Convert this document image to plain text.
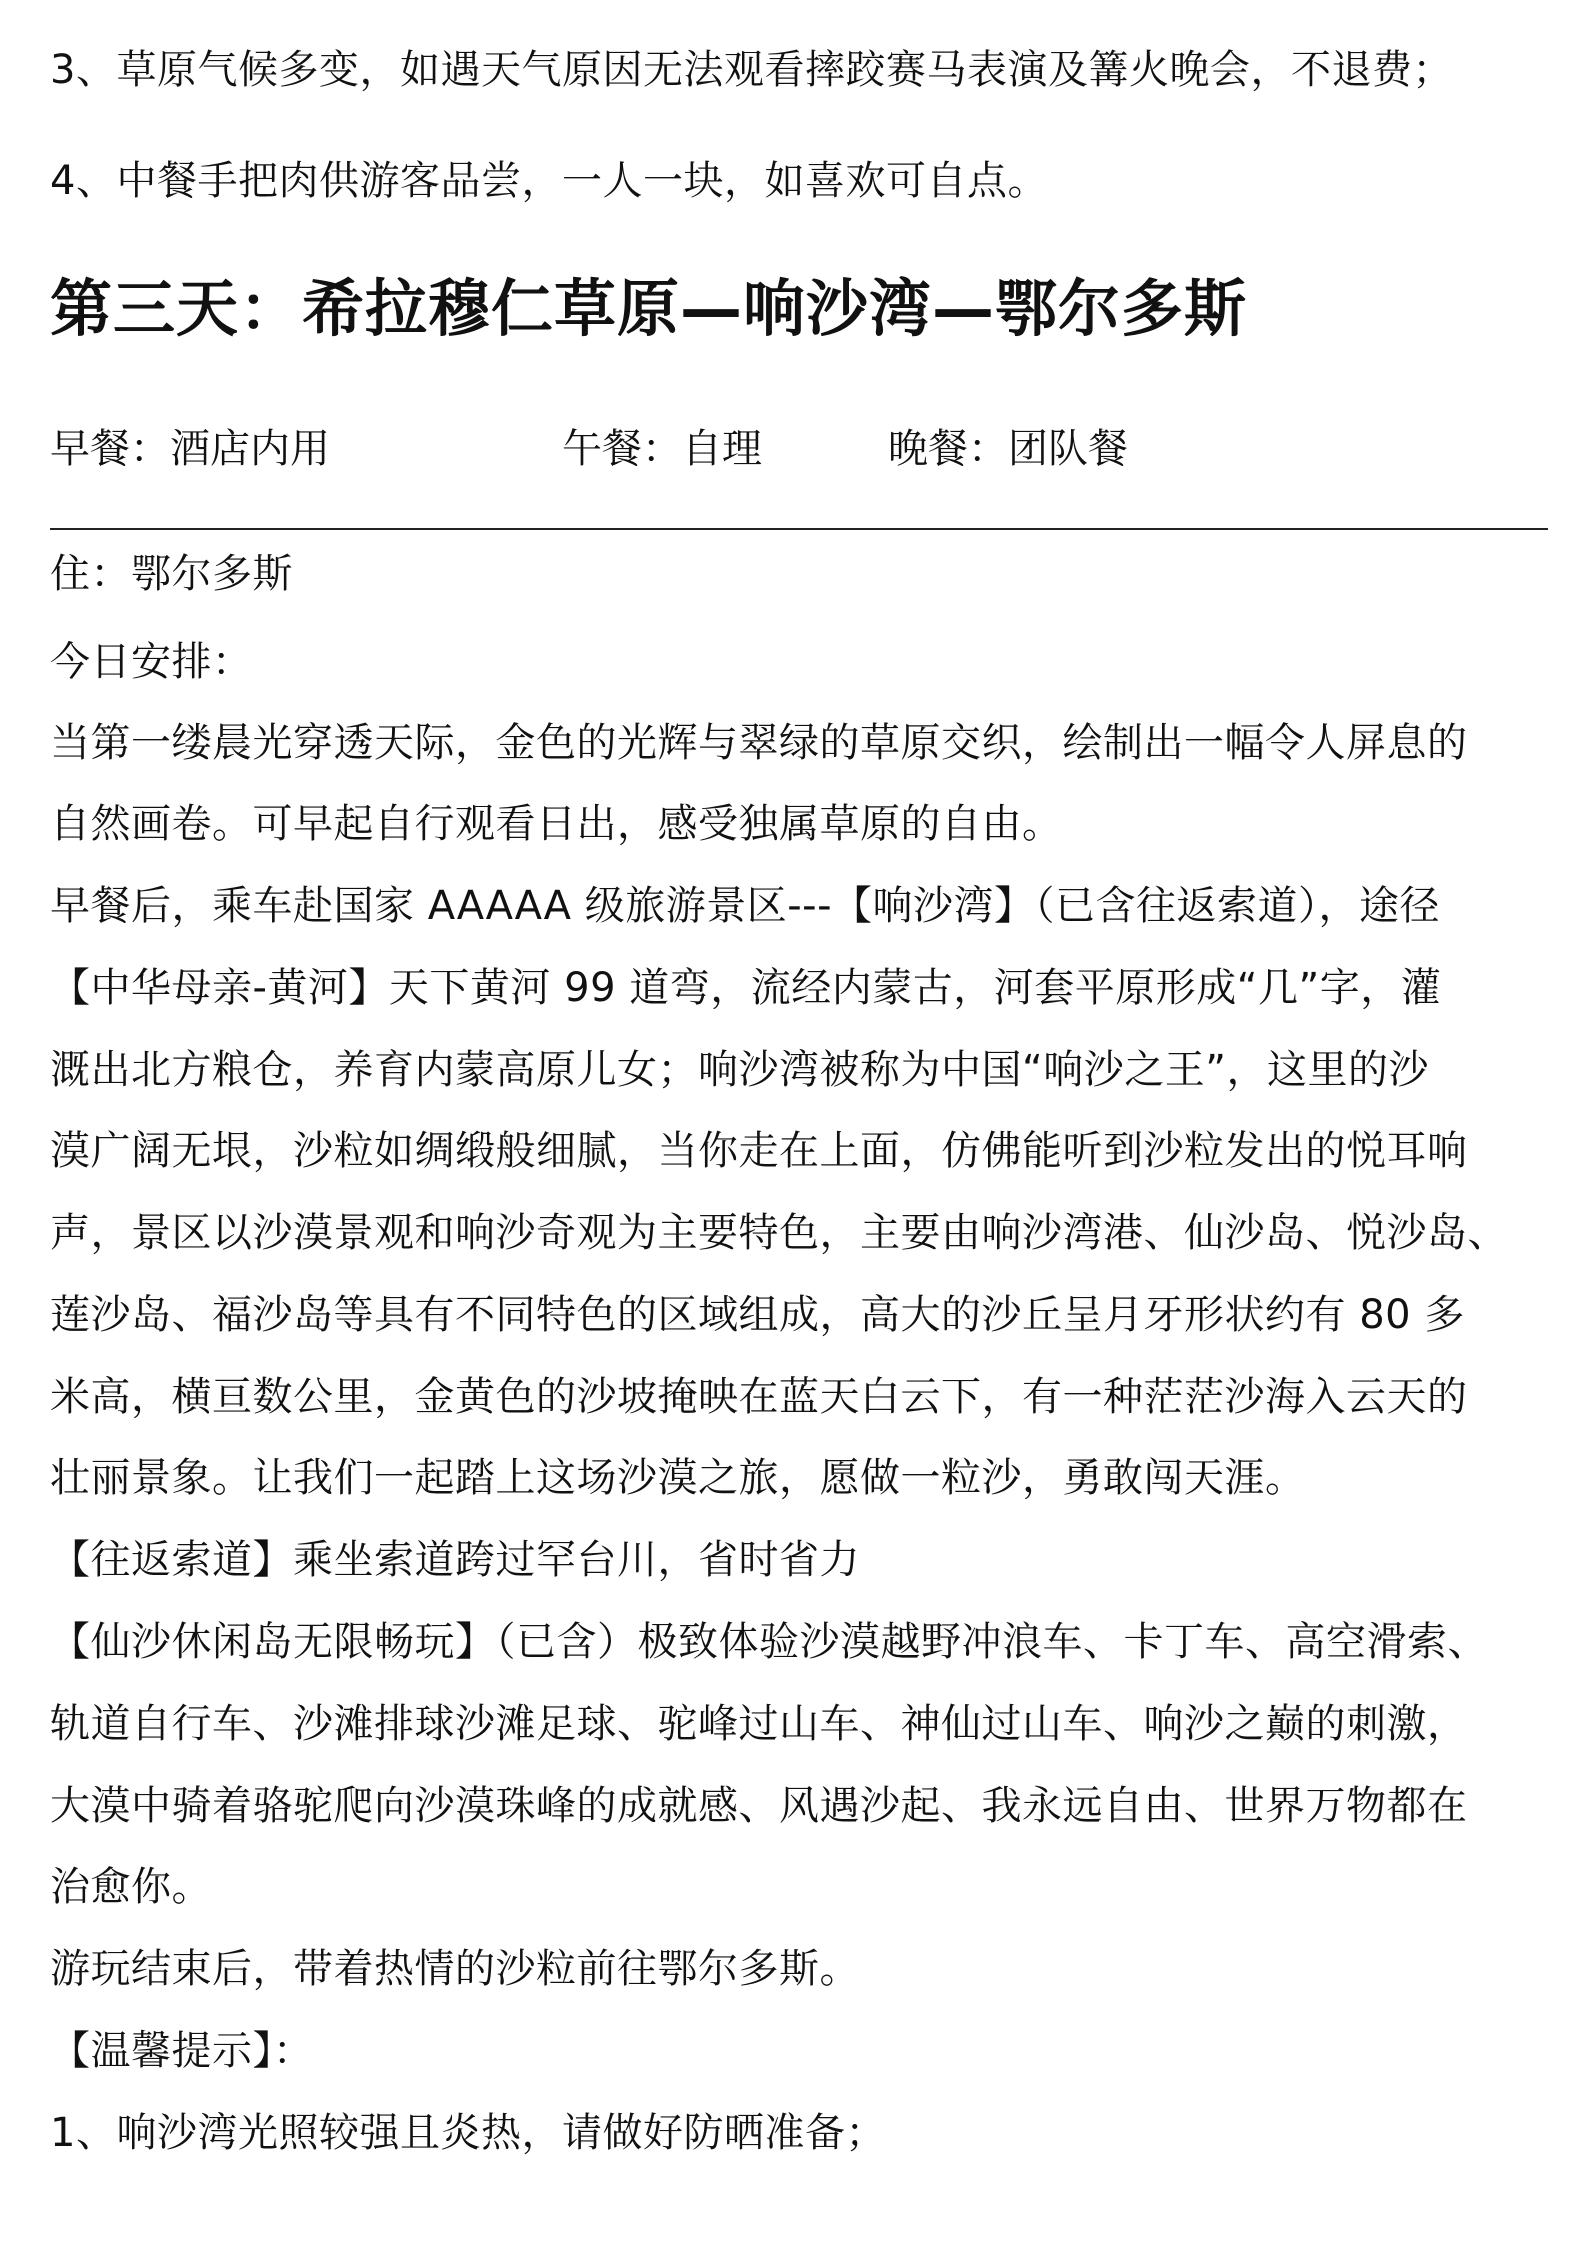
3、草原气候多变，如遇天气原因无法观看摔跤赛马表演及篝火晚会，不退费；
4、中餐手把肉供游客品尝，一人一块，如喜欢可自点。
第三天：希拉穆仁草原—响沙湾—鄂尔多斯
早餐：酒店内用	午餐：自理	晚餐：团队餐
住：鄂尔多斯
今日安排：
当第一缕晨光穿透天际，金色的光辉与翠绿的草原交织，绘制出一幅令人屏息的
自然画卷。可早起自行观看日出，感受独属草原的自由。
早餐后，乘车赴国家 AAAAA 级旅游景区---【响沙湾】（已含往返索道），途径
【中华母亲-黄河】天下黄河 99 道弯，流经内蒙古，河套平原形成“几”字，灌
溉出北方粮仓，养育内蒙高原儿女；响沙湾被称为中国“响沙之王”，这里的沙
漠广阔无垠，沙粒如绸缎般细腻，当你走在上面，仿佛能听到沙粒发出的悦耳响
声，景区以沙漠景观和响沙奇观为主要特色，主要由响沙湾港、仙沙岛、悦沙岛、
莲沙岛、福沙岛等具有不同特色的区域组成，高大的沙丘呈月牙形状约有 80 多
米高，横亘数公里，金黄色的沙坡掩映在蓝天白云下，有一种茫茫沙海入云天的
壮丽景象。让我们一起踏上这场沙漠之旅，愿做一粒沙，勇敢闯天涯。
【往返索道】乘坐索道跨过罕台川，省时省力
【仙沙休闲岛无限畅玩】（已含）极致体验沙漠越野冲浪车、卡丁车、高空滑索、
轨道自行车、沙滩排球沙滩足球、驼峰过山车、神仙过山车、响沙之巅的刺激，
大漠中骑着骆驼爬向沙漠珠峰的成就感、风遇沙起、我永远自由、世界万物都在
治愈你。
游玩结束后，带着热情的沙粒前往鄂尔多斯。
【温馨提示】：
1、响沙湾光照较强且炎热，请做好防晒准备；
